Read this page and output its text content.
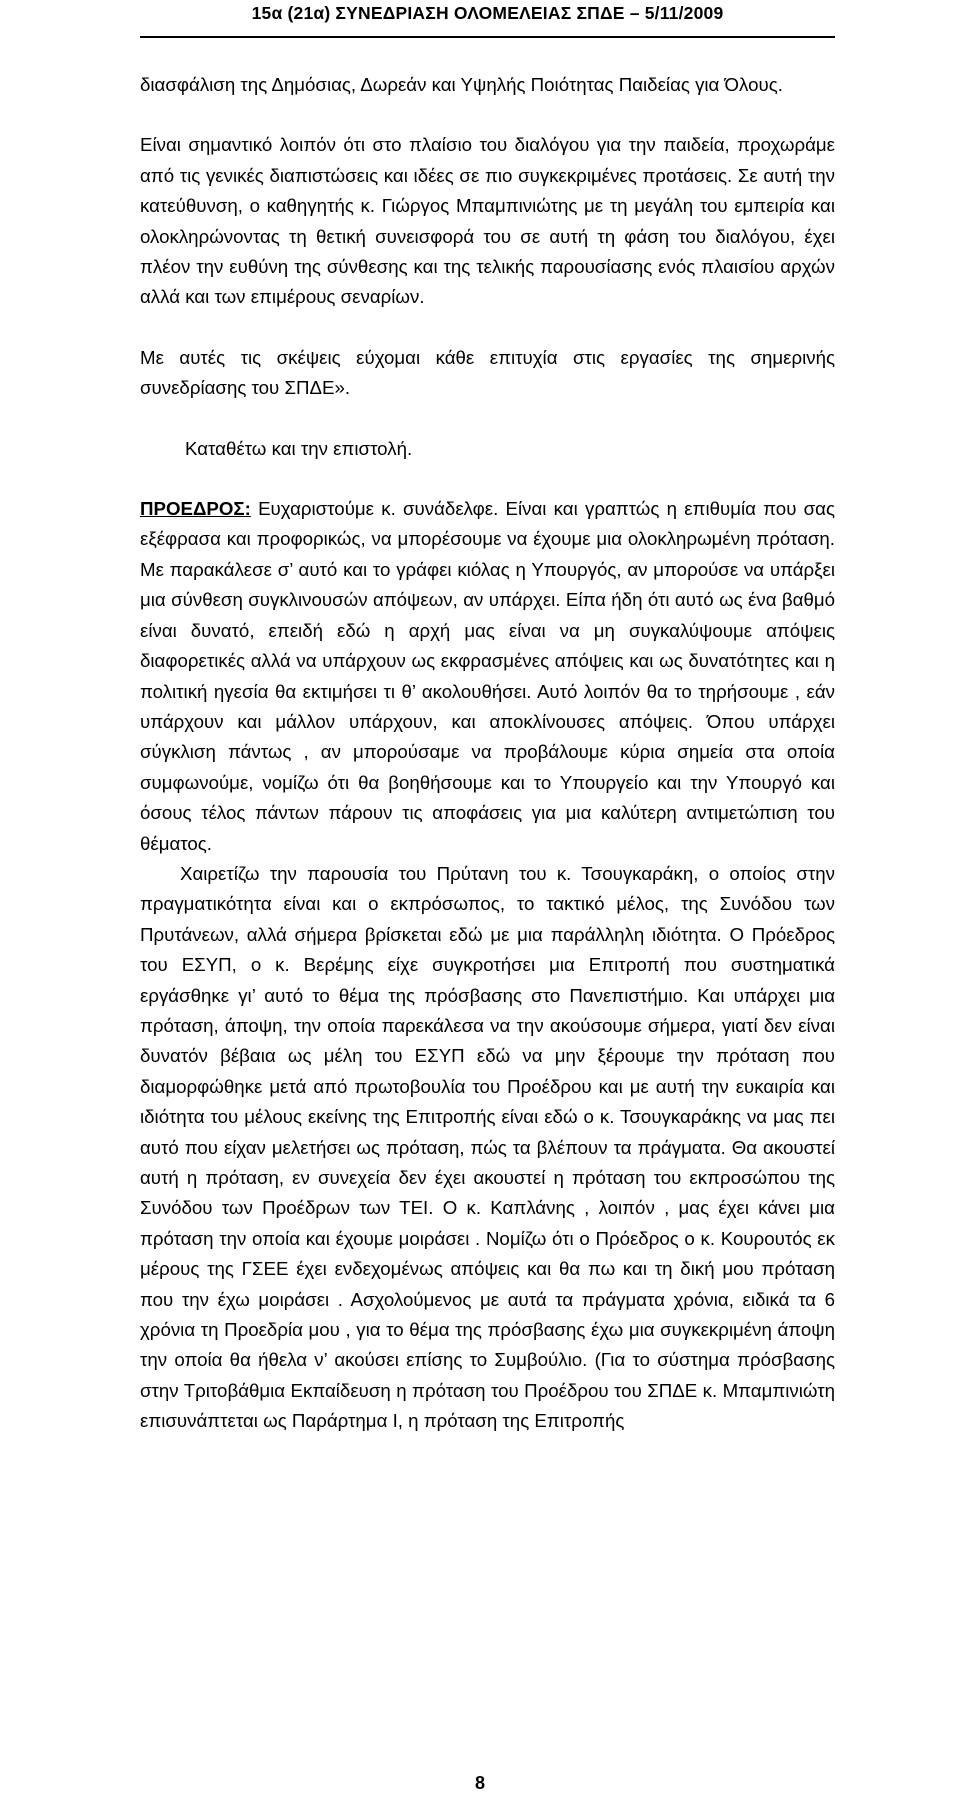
15α (21α) ΣΥΝΕΔΡΙΑΣΗ ΟΛΟΜΕΛΕΙΑΣ ΣΠΔΕ – 5/11/2009

διασφάλιση της Δημόσιας, Δωρεάν και Υψηλής Ποιότητας Παιδείας για Όλους.

Είναι σημαντικό λοιπόν ότι στο πλαίσιο του διαλόγου για την παιδεία, προχωράμε από τις γενικές διαπιστώσεις και ιδέες σε πιο συγκεκριμένες προτάσεις. Σε αυτή την κατεύθυνση, ο καθηγητής κ. Γιώργος Μπαμπινιώτης με τη μεγάλη του εμπειρία και ολοκληρώνοντας τη θετική συνεισφορά του σε αυτή τη φάση του διαλόγου, έχει πλέον την ευθύνη της σύνθεσης και της τελικής παρουσίασης ενός πλαισίου αρχών αλλά και των επιμέρους σεναρίων.

Με αυτές τις σκέψεις εύχομαι κάθε επιτυχία στις εργασίες της σημερινής συνεδρίασης του ΣΠΔΕ».

Καταθέτω και την επιστολή.

ΠΡΟΕΔΡΟΣ: Ευχαριστούμε κ. συνάδελφε. Είναι και γραπτώς η επιθυμία που σας εξέφρασα και προφορικώς, να μπορέσουμε να έχουμε μια ολοκληρωμένη πρόταση. Με παρακάλεσε σ’ αυτό και το γράφει κιόλας η Υπουργός, αν μπορούσε να υπάρξει μια σύνθεση συγκλινουσών απόψεων, αν υπάρχει. Είπα ήδη ότι αυτό ως ένα βαθμό είναι δυνατό, επειδή εδώ η αρχή μας είναι να μη συγκαλύψουμε απόψεις διαφορετικές αλλά να υπάρχουν ως εκφρασμένες απόψεις και ως δυνατότητες και η πολιτική ηγεσία θα εκτιμήσει τι θ’ ακολουθήσει. Αυτό λοιπόν θα το τηρήσουμε , εάν υπάρχουν και μάλλον υπάρχουν, και αποκλίνουσες απόψεις. Όπου υπάρχει σύγκλιση πάντως , αν μπορούσαμε να προβάλουμε κύρια σημεία στα οποία συμφωνούμε, νομίζω ότι θα βοηθήσουμε και το Υπουργείο και την Υπουργό και όσους τέλος πάντων πάρουν τις αποφάσεις για μια καλύτερη αντιμετώπιση του θέματος.

Χαιρετίζω την παρουσία του Πρύτανη του κ. Τσουγκαράκη, ο οποίος στην πραγματικότητα είναι και ο εκπρόσωπος, το τακτικό μέλος, της Συνόδου των Πρυτάνεων, αλλά σήμερα βρίσκεται εδώ με μια παράλληλη ιδιότητα. Ο Πρόεδρος του ΕΣΥΠ, ο κ. Βερέμης είχε συγκροτήσει μια Επιτροπή που συστηματικά εργάσθηκε γι’ αυτό το θέμα της πρόσβασης στο Πανεπιστήμιο. Και υπάρχει μια πρόταση, άποψη, την οποία παρεκάλεσα να την ακούσουμε σήμερα, γιατί δεν είναι δυνατόν βέβαια ως μέλη του ΕΣΥΠ εδώ να μην ξέρουμε την πρόταση που διαμορφώθηκε μετά από πρωτοβουλία του Προέδρου και με αυτή την ευκαιρία και ιδιότητα του μέλους εκείνης της Επιτροπής είναι εδώ ο κ. Τσουγκαράκης να μας πει αυτό που είχαν μελετήσει ως πρόταση, πώς τα βλέπουν τα πράγματα. Θα ακουστεί αυτή η πρόταση, εν συνεχεία δεν έχει ακουστεί η πρόταση του εκπροσώπου της Συνόδου των Προέδρων των ΤΕΙ. Ο κ. Καπλάνης , λοιπόν , μας έχει κάνει μια πρόταση την οποία και έχουμε μοιράσει . Νομίζω ότι ο Πρόεδρος ο κ. Κουρουτός εκ μέρους της ΓΣΕΕ έχει ενδεχομένως απόψεις και θα πω και τη δική μου πρόταση που την έχω μοιράσει . Ασχολούμενος με αυτά τα πράγματα χρόνια, ειδικά τα 6 χρόνια τη Προεδρία μου , για το θέμα της πρόσβασης έχω μια συγκεκριμένη άποψη την οποία θα ήθελα ν’ ακούσει επίσης το Συμβούλιο. (Για το σύστημα πρόσβασης στην Τριτοβάθμια Εκπαίδευση η πρόταση του Προέδρου του ΣΠΔΕ κ. Μπαμπινιώτη επισυνάπτεται ως Παράρτημα Ι, η πρόταση της Επιτροπής

8
